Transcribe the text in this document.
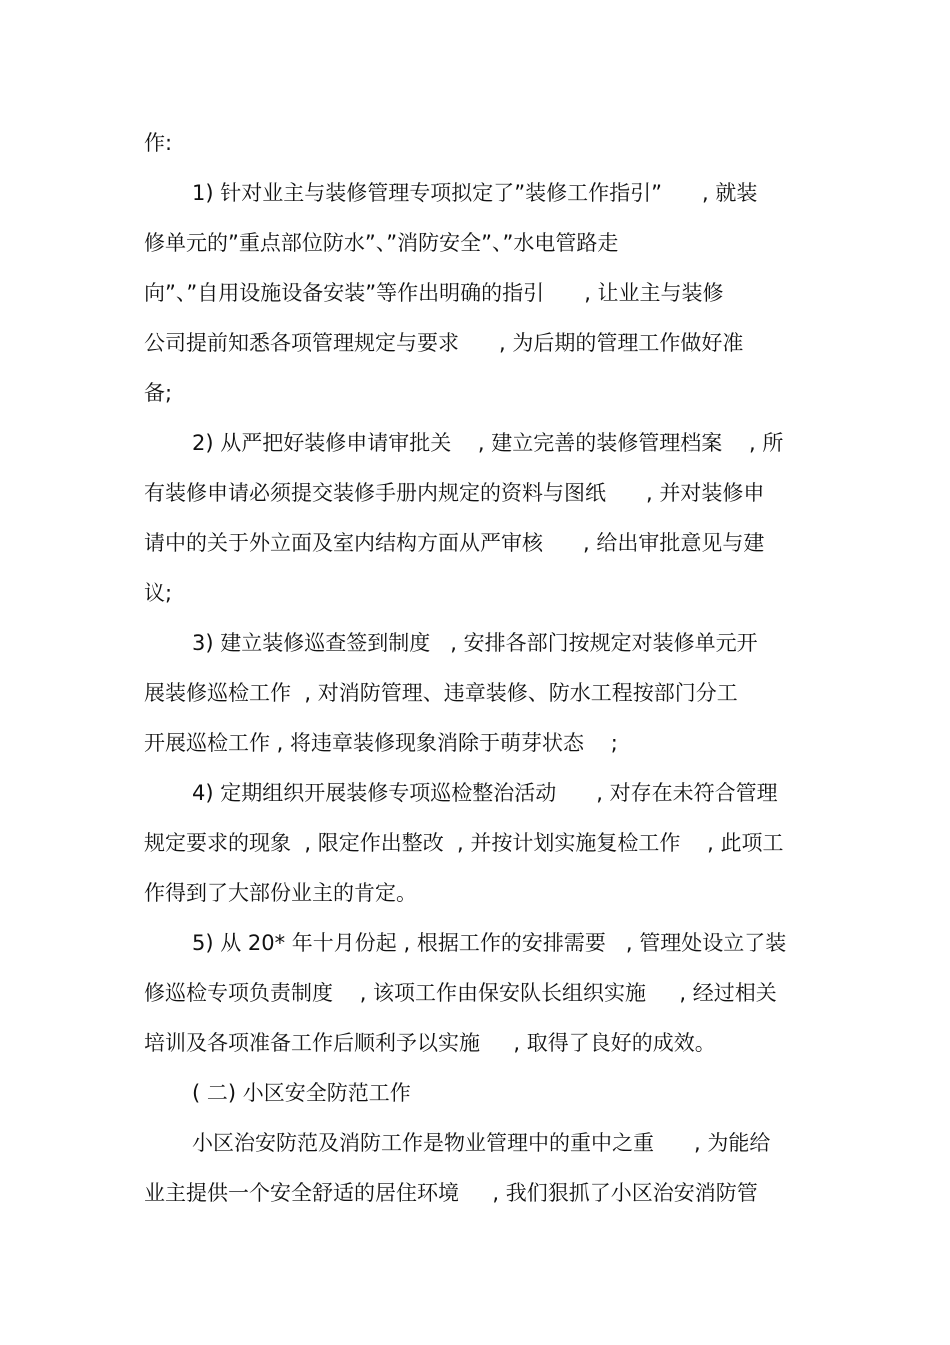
作:
1) 针对业主与装修管理专项拟定了”装修工作指引”      , 就装
修单元的”重点部位防水”、”消防安全”、”水电管路走
向”、”自用设施设备安装”等作出明确的指引      , 让业主与装修
公司提前知悉各项管理规定与要求      , 为后期的管理工作做好准
备;
2) 从严把好装修申请审批关    , 建立完善的装修管理档案    , 所
有装修申请必须提交装修手册内规定的资料与图纸      , 并对装修申
请中的关于外立面及室内结构方面从严审核      , 给出审批意见与建
议;
3) 建立装修巡查签到制度   , 安排各部门按规定对装修单元开
展装修巡检工作  , 对消防管理、违章装修、防水工程按部门分工
开展巡检工作 , 将违章装修现象消除于萌芽状态    ;
4) 定期组织开展装修专项巡检整治活动      , 对存在未符合管理
规定要求的现象  , 限定作出整改  , 并按计划实施复检工作    , 此项工
作得到了大部份业主的肯定。
5) 从 20* 年十月份起 , 根据工作的安排需要   , 管理处设立了装
修巡检专项负责制度    , 该项工作由保安队长组织实施     , 经过相关
培训及各项准备工作后顺利予以实施     , 取得了良好的成效。
( 二) 小区安全防范工作
小区治安防范及消防工作是物业管理中的重中之重      , 为能给
业主提供一个安全舒适的居住环境     , 我们狠抓了小区治安消防管
